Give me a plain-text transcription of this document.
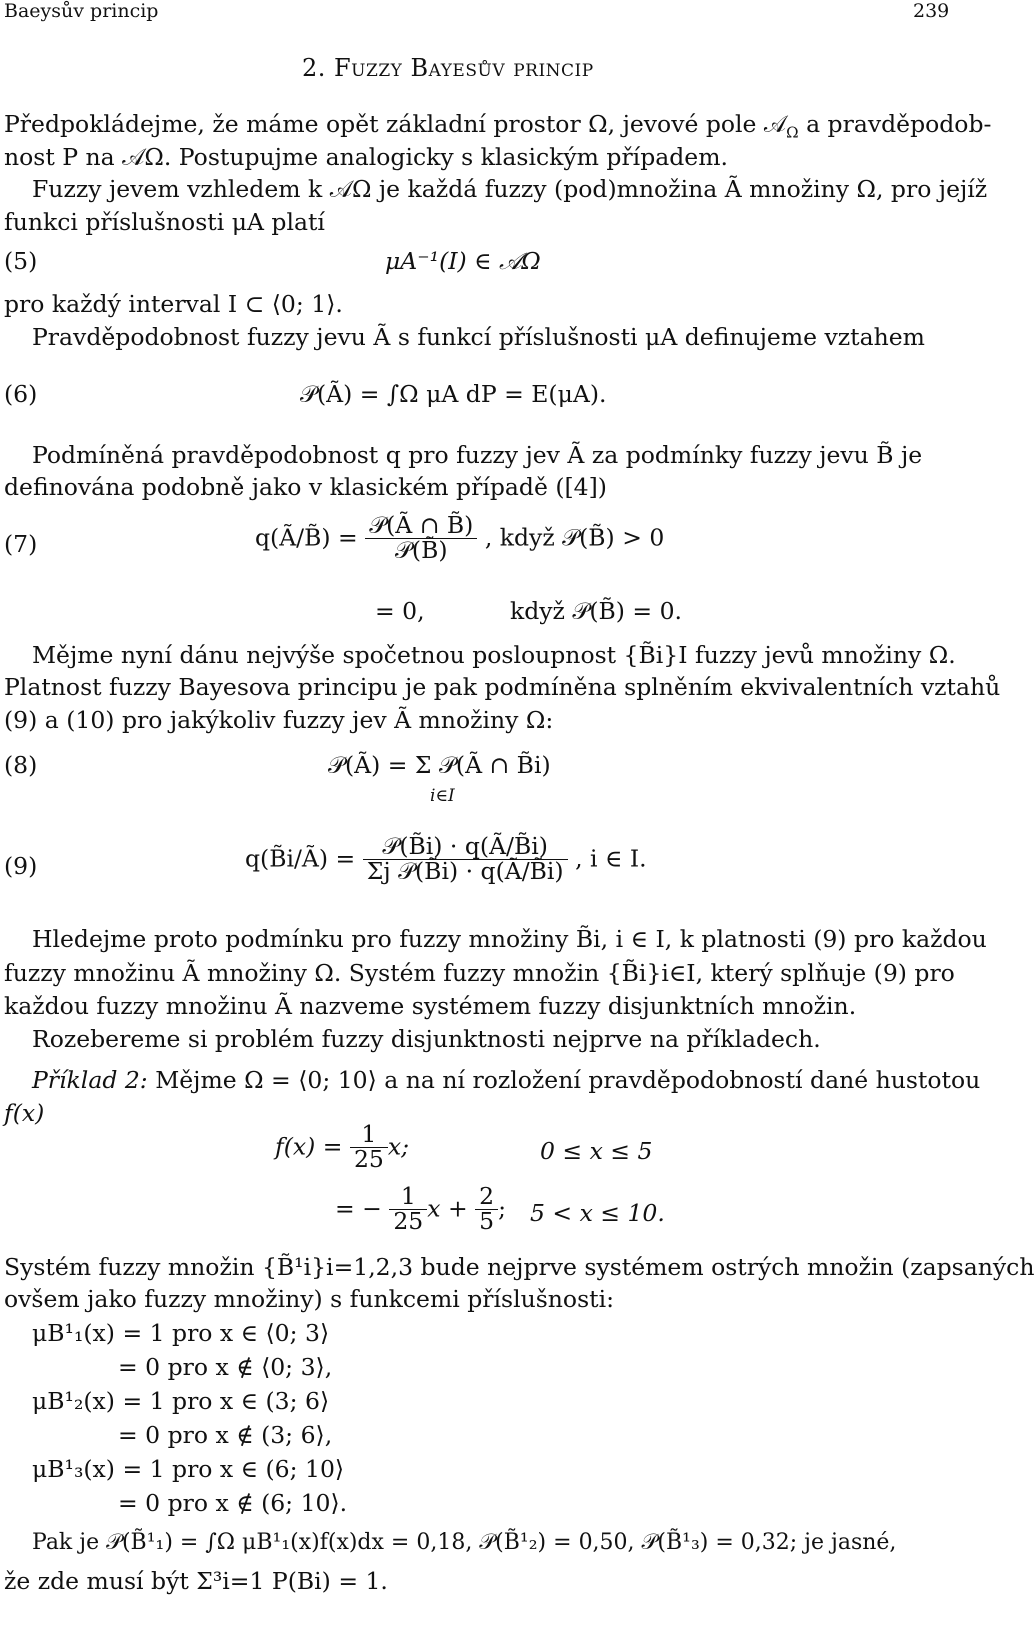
Baeysův princip	239
2. Fuzzy Bayesův princip
Předpokládejme, že máme opět základní prostor Ω, jevové pole 𝒜$_\Omega$ a pravděpodob-
nost P na 𝒜Ω. Postupujme analogicky s klasickým případem.
Fuzzy jevem vzhledem k 𝒜Ω je každá fuzzy (pod)množina Ã množiny Ω, pro jejíž
funkci příslušnosti μA platí
(5)	μA⁻¹(I) ∈ 𝒜Ω
pro každý interval I ⊂ ⟨0; 1⟩.
Pravděpodobnost fuzzy jevu Ã s funkcí příslušnosti μA definujeme vztahem
(6)	𝒫(Ã) = ∫Ω μA dP = E(μA).
Podmíněná pravděpodobnost q pro fuzzy jev Ã za podmínky fuzzy jevu B̃ je
definována podobně jako v klasickém případě ([4])
(7)	q(Ã/B̃) = $\frac{\text{𝒫(Ã ∩ B̃)}}{\text{𝒫(B̃)}}$ , když 𝒫(B̃) > 0
= 0,	když 𝒫(B̃) = 0.
Mějme nyní dánu nejvýše spočetnou posloupnost {B̃i}I fuzzy jevů množiny Ω.
Platnost fuzzy Bayesova principu je pak podmíněna splněním ekvivalentních vztahů
(9) a (10) pro jakýkoliv fuzzy jev Ã množiny Ω:
(8)	𝒫(Ã) = Σ 𝒫(Ã ∩ B̃i)
i∈I
(9)	q(B̃i/Ã) = $\frac{\text{𝒫(B̃i) · q(Ã/B̃i)}}{\text{Σj 𝒫(B̃i) · q(Ã/B̃i)}}$ , i ∈ I.
Hledejme proto podmínku pro fuzzy množiny B̃i, i ∈ I, k platnosti (9) pro každou
fuzzy množinu Ã množiny Ω. Systém fuzzy množin {B̃i}i∈I, který splňuje (9) pro
každou fuzzy množinu Ã nazveme systémem fuzzy disjunktních množin.
Rozebereme si problém fuzzy disjunktnosti nejprve na příkladech.
Příklad 2: Mějme Ω = ⟨0; 10⟩ a na ní rozložení pravděpodobností dané hustotou
f(x)
$f(x) = \frac{1}{25} x$;	0 ≤ x ≤ 5
= − $\frac{1}{25}$ $x + \frac{2}{5}$ ; 5 < x ≤ 10.
Systém fuzzy množin {B̃¹i}i=1,2,3 bude nejprve systémem ostrých množin (zapsaných
ovšem jako fuzzy množiny) s funkcemi příslušnosti:
μB¹₁(x) = 1 pro x ∈ ⟨0; 3⟩
= 0 pro x ∉ ⟨0; 3⟩,
μB¹₂(x) = 1 pro x ∈ (3; 6⟩
= 0 pro x ∉ (3; 6⟩,
μB¹₃(x) = 1 pro x ∈ (6; 10⟩
= 0 pro x ∉ (6; 10⟩.
Pak je 𝒫(B̃¹₁) = ∫Ω μB¹₁(x)f(x)dx = 0,18, 𝒫(B̃¹₂) = 0,50, 𝒫(B̃¹₃) = 0,32; je jasné,
že zde musí být Σ³i=1 P(Bi) = 1.
